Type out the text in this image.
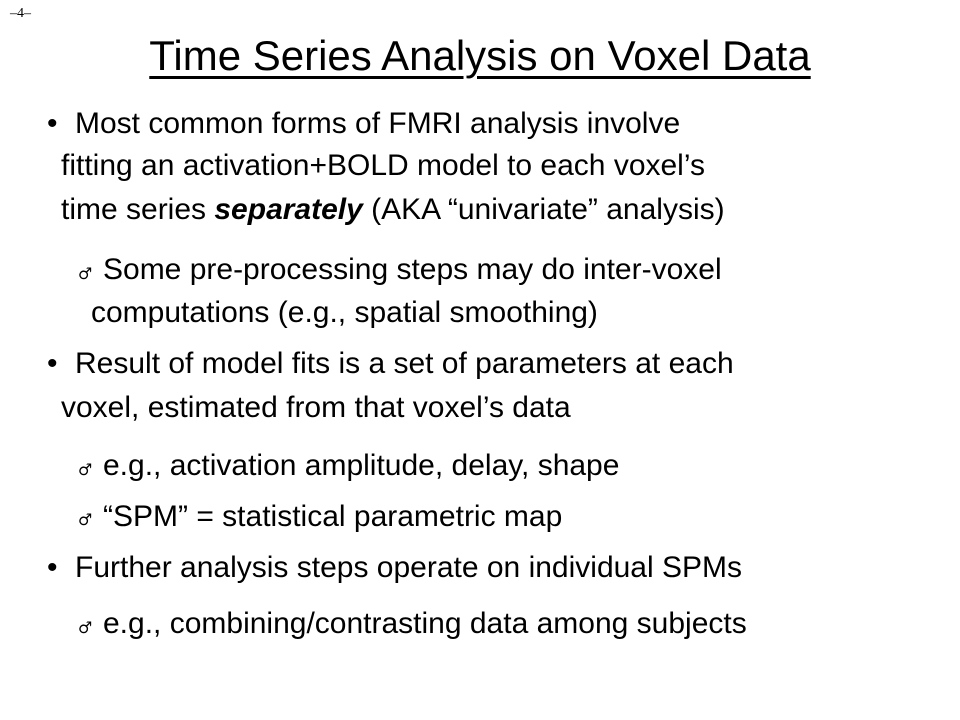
–4–
Time Series Analysis on Voxel Data
• Most common forms of FMRI analysis involve
fitting an activation+BOLD model to each voxel’s
time series separately (AKA “univariate” analysis)
♂ Some pre-processing steps may do inter-voxel
computations (e.g., spatial smoothing)
• Result of model fits is a set of parameters at each
voxel, estimated from that voxel’s data
♂ e.g., activation amplitude, delay, shape
♂ “SPM” = statistical parametric map
• Further analysis steps operate on individual SPMs
♂ e.g., combining/contrasting data among subjects
